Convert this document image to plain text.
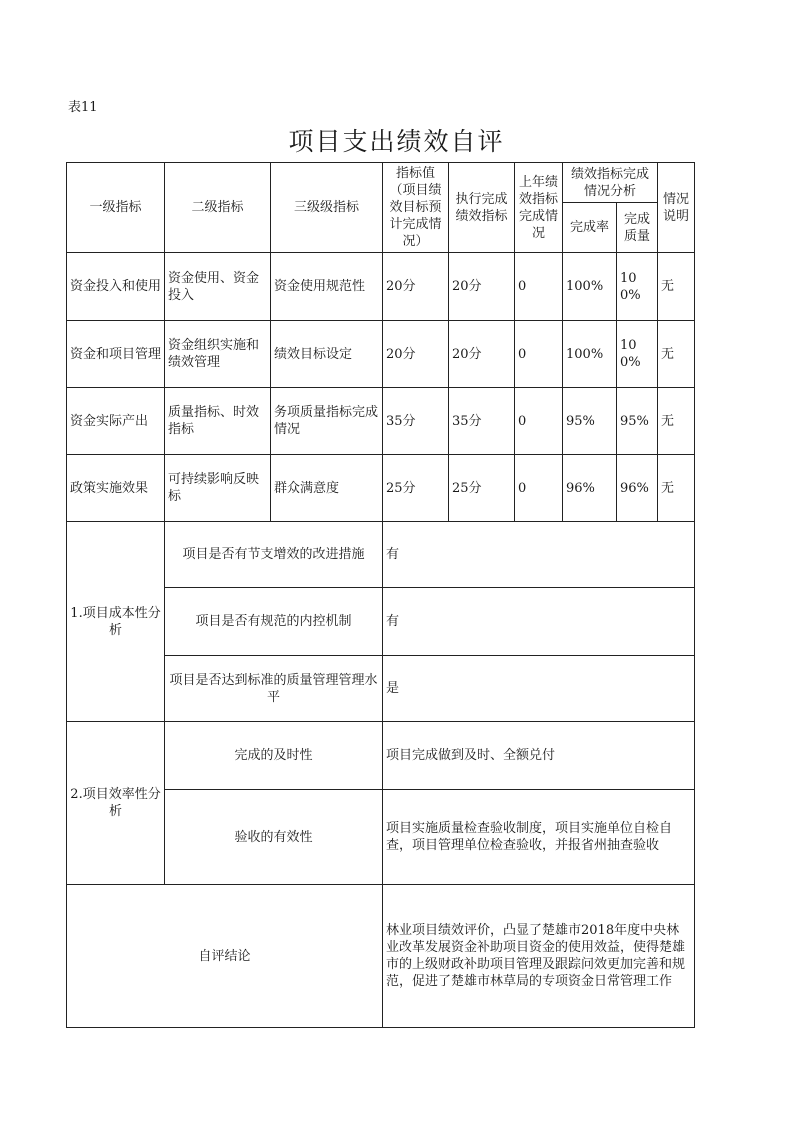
表11
项目支出绩效自评
一级指标	二级指标	三级级指标	指标值（项目绩效目标预计完成情况）	执行完成绩效指标	上年绩效指标完成情况	绩效指标完成情况分析		情况说明
						完成率	完成质量	
资金投入和使用	资金使用、资金投入	资金使用规范性	20分	20分	0	100%	100%	无
资金和项目管理	资金组织实施和绩效管理	绩效目标设定	20分	20分	0	100%	100%	无
资金实际产出	质量指标、时效指标	务项质量指标完成情况	35分	35分	0	95%	95%	无
政策实施效果	可持续影响反映标	群众满意度	25分	25分	0	96%	96%	无
1.项目成本性分析	项目是否有节支增效的改进措施		有					
	项目是否有规范的内控机制		有					
	项目是否达到标准的质量管理管理水平		是					
2.项目效率性分析	完成的及时性		项目完成做到及时、全额兑付					
	验收的有效性		项目实施质量检查验收制度，项目实施单位自检自查，项目管理单位检查验收，并报省州抽查验收					
自评结论			林业项目绩效评价，凸显了楚雄市2018年度中央林业改革发展资金补助项目资金的使用效益，使得楚雄市的上级财政补助项目管理及跟踪问效更加完善和规范，促进了楚雄市林草局的专项资金日常管理工作					
